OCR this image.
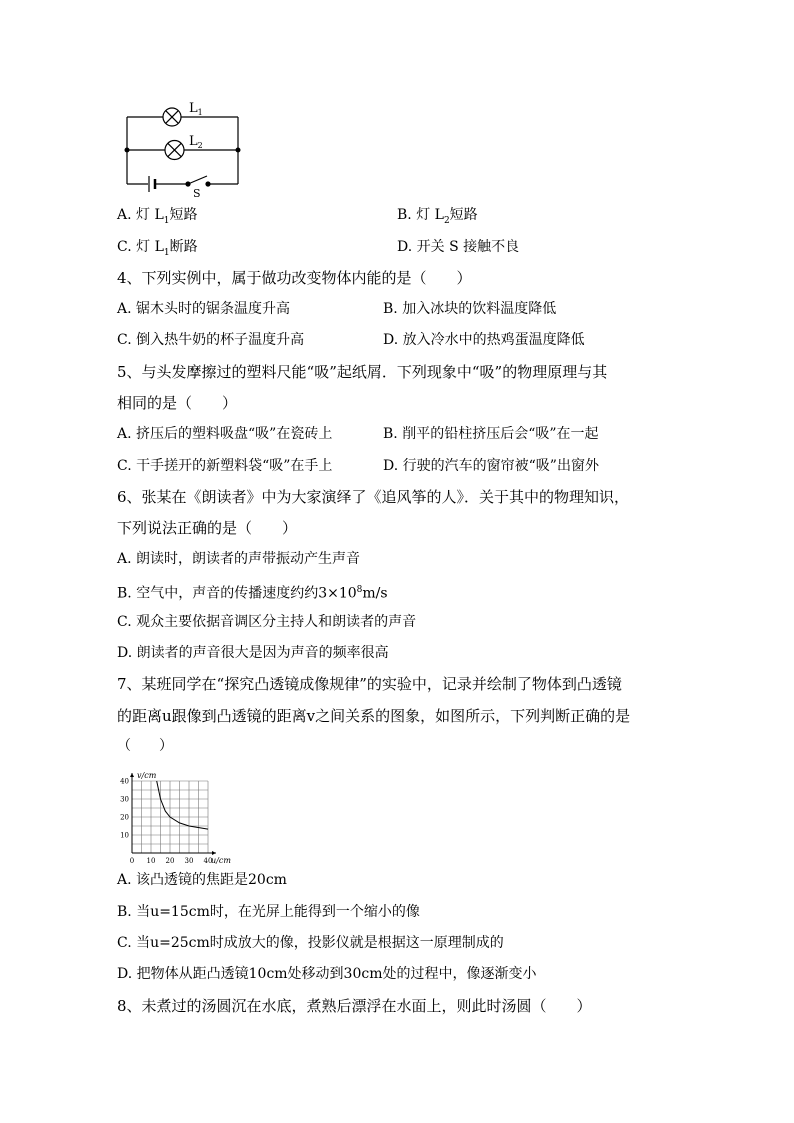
$L_1$
$L_2$
S
A. 灯 $L_1$短路	B. 灯 $L_2$短路
C. 灯 $L_1$断路	D. 开关 S 接触不良
4、下列实例中，属于做功改变物体内能的是（　　）
A. 锯木头时的锯条温度升高	B. 加入冰块的饮料温度降低
C. 倒入热牛奶的杯子温度升高	D. 放入冷水中的热鸡蛋温度降低
5、与头发摩擦过的塑料尺能“吸”起纸屑．下列现象中“吸”的物理原理与其
相同的是（　　）
A. 挤压后的塑料吸盘“吸”在瓷砖上	B. 削平的铅柱挤压后会“吸”在一起
C. 干手搓开的新塑料袋“吸”在手上	D. 行驶的汽车的窗帘被“吸”出窗外
6、张某在《朗读者》中为大家演绎了《追风筝的人》．关于其中的物理知识，
下列说法正确的是（　　）
A. 朗读时，朗读者的声带振动产生声音
B. 空气中，声音的传播速度约约$3\times 10^8m/s$
C. 观众主要依据音调区分主持人和朗读者的声音
D. 朗读者的声音很大是因为声音的频率很高
7、某班同学在“探究凸透镜成像规律”的实验中，记录并绘制了物体到凸透镜
的距离u跟像到凸透镜的距离v之间关系的图象，如图所示，下列判断正确的是
（　　）
0 10 20 30 40
10
20
30
40
v/cm
u/cm
A. 该凸透镜的焦距是20cm
B. 当u=15cm时，在光屏上能得到一个缩小的像
C. 当u=25cm时成放大的像，投影仪就是根据这一原理制成的
D. 把物体从距凸透镜10cm处移动到30cm处的过程中，像逐渐变小
8、未煮过的汤圆沉在水底，煮熟后漂浮在水面上，则此时汤圆（　　）
